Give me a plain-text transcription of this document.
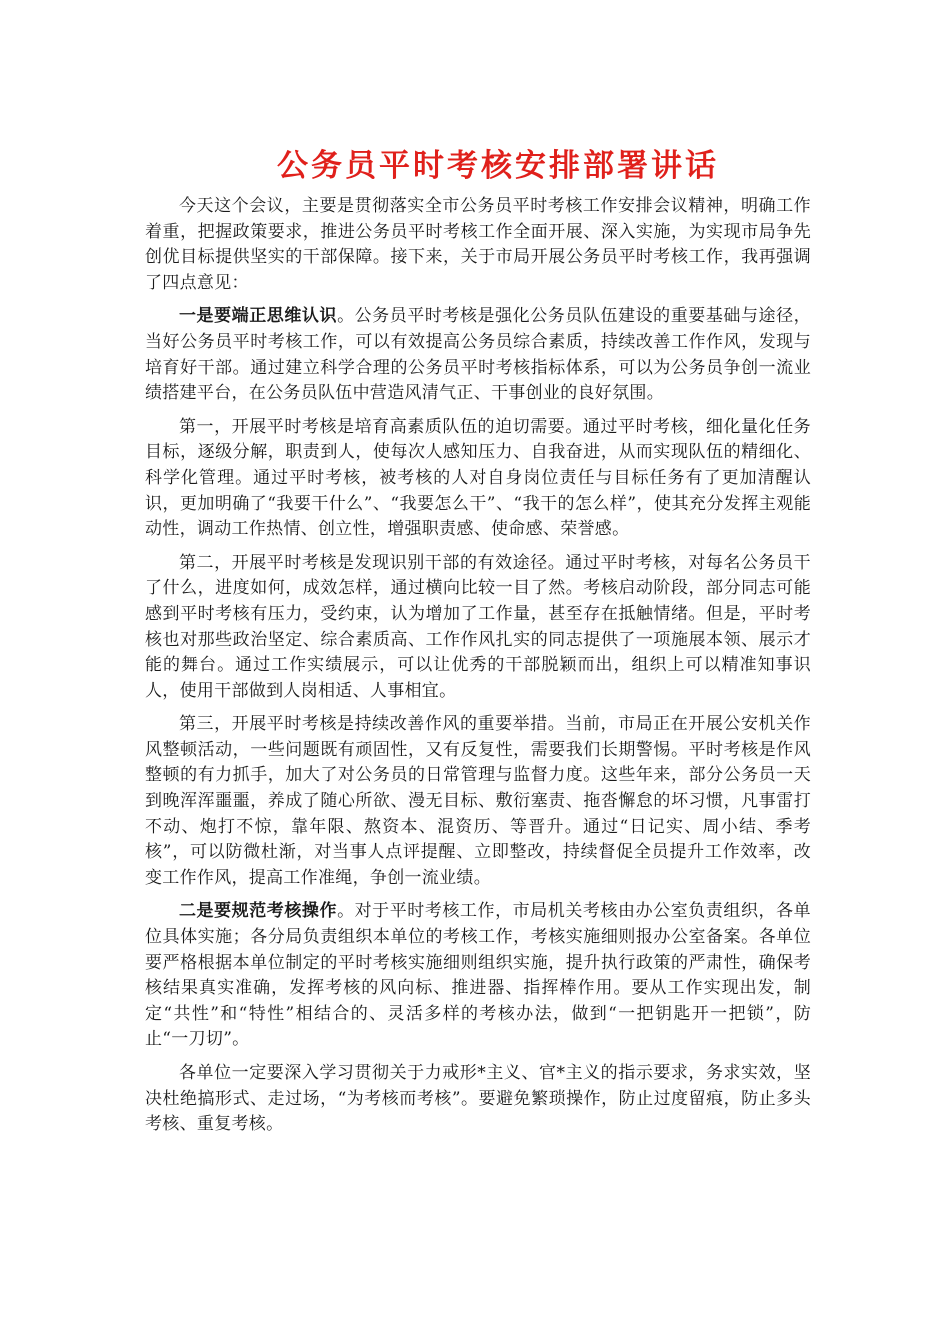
公务员平时考核安排部署讲话

今天这个会议，主要是贯彻落实全市公务员平时考核工作安排会议精神，明确工作着重，把握政策要求，推进公务员平时考核工作全面开展、深入实施，为实现市局争先创优目标提供坚实的干部保障。接下来，关于市局开展公务员平时考核工作，我再强调了四点意见：

一是要端正思维认识。公务员平时考核是强化公务员队伍建设的重要基础与途径，当好公务员平时考核工作，可以有效提高公务员综合素质，持续改善工作作风，发现与培育好干部。通过建立科学合理的公务员平时考核指标体系，可以为公务员争创一流业绩搭建平台，在公务员队伍中营造风清气正、干事创业的良好氛围。

第一，开展平时考核是培育高素质队伍的迫切需要。通过平时考核，细化量化任务目标，逐级分解，职责到人，使每次人感知压力、自我奋进，从而实现队伍的精细化、科学化管理。通过平时考核，被考核的人对自身岗位责任与目标任务有了更加清醒认识，更加明确了“我要干什么”、“我要怎么干”、“我干的怎么样”，使其充分发挥主观能动性，调动工作热情、创立性，增强职责感、使命感、荣誉感。

第二，开展平时考核是发现识别干部的有效途径。通过平时考核，对每名公务员干了什么，进度如何，成效怎样，通过横向比较一目了然。考核启动阶段，部分同志可能感到平时考核有压力，受约束，认为增加了工作量，甚至存在抵触情绪。但是，平时考核也对那些政治坚定、综合素质高、工作作风扎实的同志提供了一项施展本领、展示才能的舞台。通过工作实绩展示，可以让优秀的干部脱颖而出，组织上可以精准知事识人，使用干部做到人岗相适、人事相宜。

第三，开展平时考核是持续改善作风的重要举措。当前，市局正在开展公安机关作风整顿活动，一些问题既有顽固性，又有反复性，需要我们长期警惕。平时考核是作风整顿的有力抓手，加大了对公务员的日常管理与监督力度。这些年来，部分公务员一天到晚浑浑噩噩，养成了随心所欲、漫无目标、敷衍塞责、拖沓懈怠的坏习惯，凡事雷打不动、炮打不惊，靠年限、熬资本、混资历、等晋升。通过“日记实、周小结、季考核”，可以防微杜渐，对当事人点评提醒、立即整改，持续督促全员提升工作效率，改变工作作风，提高工作准绳，争创一流业绩。

二是要规范考核操作。对于平时考核工作，市局机关考核由办公室负责组织，各单位具体实施；各分局负责组织本单位的考核工作，考核实施细则报办公室备案。各单位要严格根据本单位制定的平时考核实施细则组织实施，提升执行政策的严肃性，确保考核结果真实准确，发挥考核的风向标、推进器、指挥棒作用。要从工作实现出发，制定“共性”和“特性”相结合的、灵活多样的考核办法，做到“一把钥匙开一把锁”，防止“一刀切”。

各单位一定要深入学习贯彻关于力戒形*主义、官*主义的指示要求，务求实效，坚决杜绝搞形式、走过场，“为考核而考核”。要避免繁琐操作，防止过度留痕，防止多头考核、重复考核。
